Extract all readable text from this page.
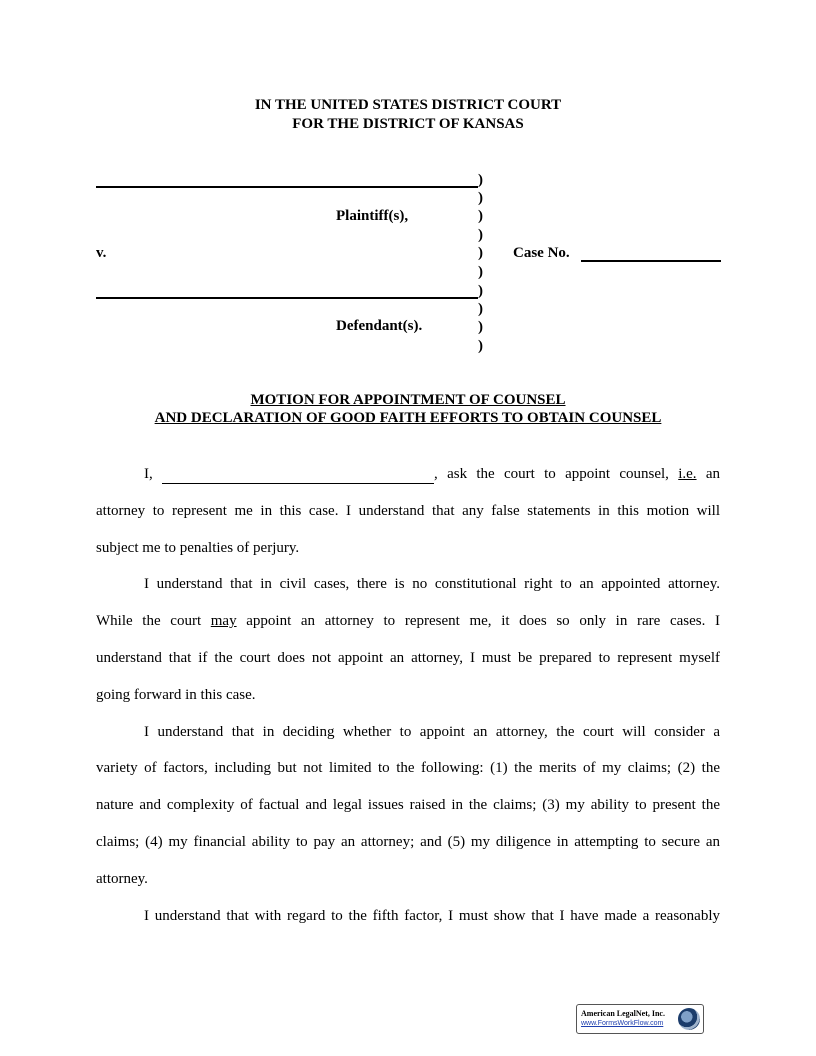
IN THE UNITED STATES DISTRICT COURT
FOR THE DISTRICT OF KANSAS
Plaintiff(s),
v.
Defendant(s).
)
)
)
)
)
)
)
)
)
)
Case No.
MOTION FOR APPOINTMENT OF COUNSEL
AND DECLARATION OF GOOD FAITH EFFORTS TO OBTAIN COUNSEL
I,	, ask the court to appoint counsel, i.e. an
attorney to represent me in this case. I understand that any false statements in this motion will
subject me to penalties of perjury.
I understand that in civil cases, there is no constitutional right to an appointed attorney.
While the court may appoint an attorney to represent me, it does so only in rare cases. I
understand that if the court does not appoint an attorney, I must be prepared to represent myself
going forward in this case.
I understand that in deciding whether to appoint an attorney, the court will consider a
variety of factors, including but not limited to the following: (1) the merits of my claims; (2) the
nature and complexity of factual and legal issues raised in the claims; (3) my ability to present the
claims; (4) my financial ability to pay an attorney; and (5) my diligence in attempting to secure an
attorney.
I understand that with regard to the fifth factor, I must show that I have made a reasonably
American LegalNet, Inc.
www.FormsWorkFlow.com
